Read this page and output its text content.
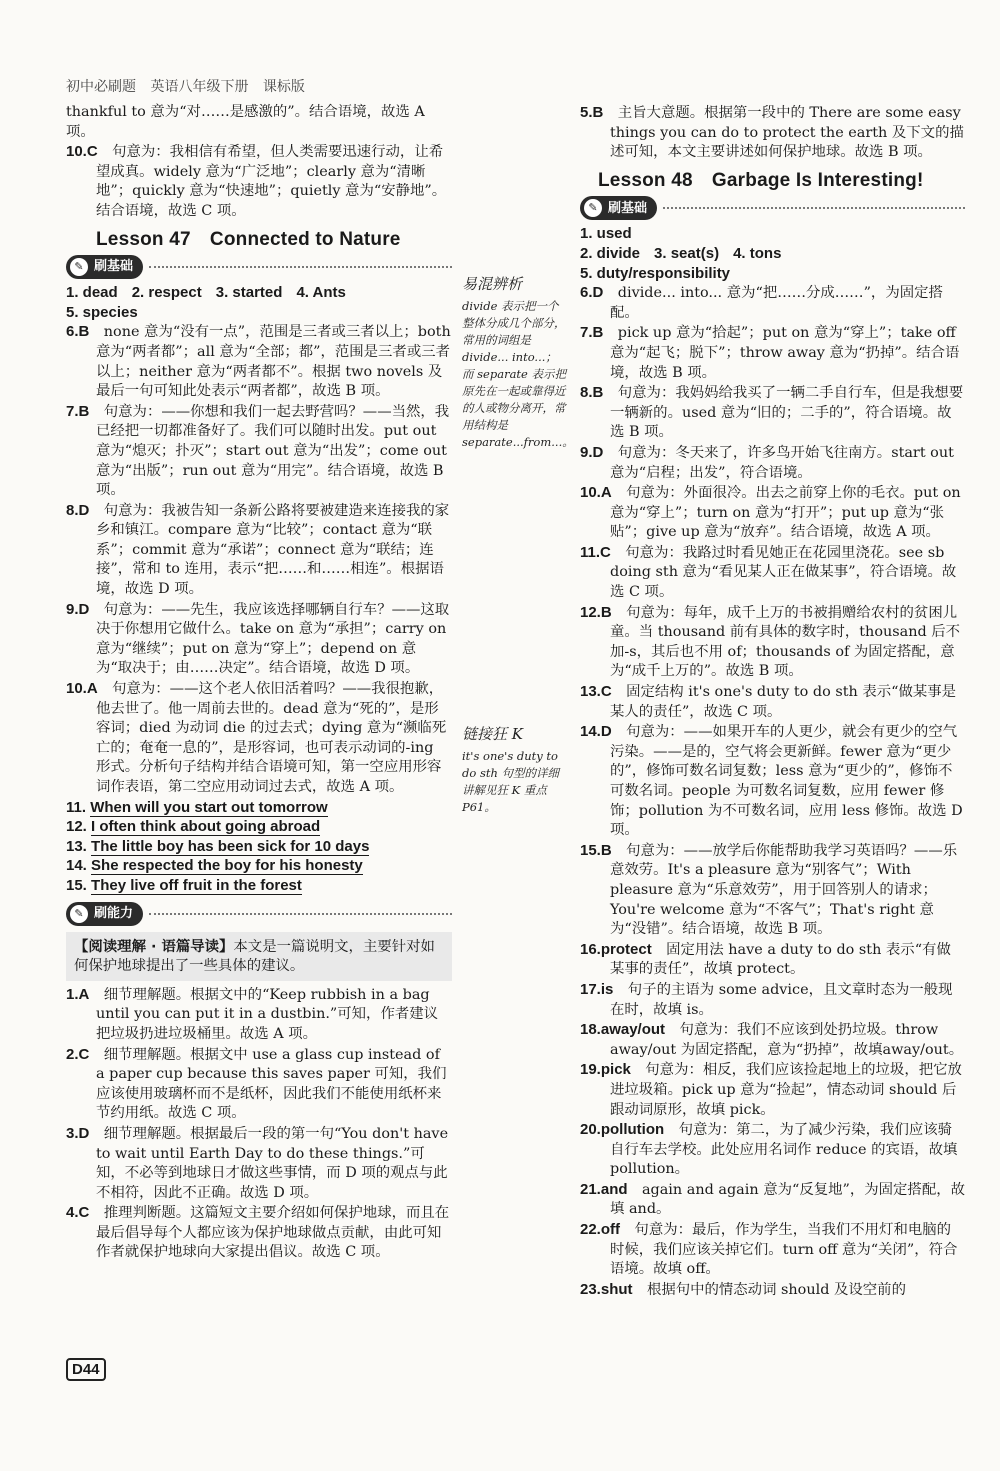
初中必刷题 英语八年级下册 课标版

thankful to 意为“对……是感激的”。结合语境，故选 A 项。

10.C　 句意为：我相信有希望，但人类需要迅速行动，让希望成真。widely 意为“广泛地”；clearly 意为“清晰地”；quickly 意为“快速地”；quietly 意为“安静地”。结合语境，故选 C 项。

Lesson 47　Connected to Nature
✎ 刷基础
1. dead 2. respect 3. started 4. Ants
5. species

6.B　 none 意为“没有一点”，范围是三者或三者以上；both 意为“两者都”；all 意为“全部；都”，范围是三者或三者以上；neither 意为“两者都不”。根据 two novels 及最后一句可知此处表示“两者都”，故选 B 项。

7.B　 句意为：——你想和我们一起去野营吗？——当然，我已经把一切都准备好了。我们可以随时出发。put out 意为“熄灭；扑灭”；start out 意为“出发”；come out 意为“出版”；run out 意为“用完”。结合语境，故选 B 项。

8.D　 句意为：我被告知一条新公路将要被建造来连接我的家乡和镇江。compare 意为“比较”；contact 意为“联系”；commit 意为“承诺”；connect 意为“联结；连接”，常和 to 连用，表示“把……和……相连”。根据语境，故选 D 项。

9.D　 句意为：——先生，我应该选择哪辆自行车？——这取决于你想用它做什么。take on 意为“承担”；carry on 意为“继续”；put on 意为“穿上”；depend on 意为“取决于；由……决定”。结合语境，故选 D 项。

10.A　 句意为：——这个老人依旧活着吗？——我很抱歉，他去世了。他一周前去世的。dead 意为“死的”，是形容词；died 为动词 die 的过去式；dying 意为“濒临死亡的；奄奄一息的”，是形容词，也可表示动词的-ing 形式。分析句子结构并结合语境可知，第一空应用形容词作表语，第二空应用动词过去式，故选 A 项。

11. When will you start out tomorrow

12. I often think about going abroad

13. The little boy has been sick for 10 days

14. She respected the boy for his honesty

15. They live off fruit in the forest

✎ 刷能力
【阅读理解 · 语篇导读】本文是一篇说明文，主要针对如何保护地球提出了一些具体的建议。

1.A　 细节理解题。根据文中的“Keep rubbish in a bag until you can put it in a dustbin.”可知，作者建议把垃圾扔进垃圾桶里。故选 A 项。

2.C　 细节理解题。根据文中 use a glass cup instead of a paper cup because this saves paper 可知，我们应该使用玻璃杯而不是纸杯，因此我们不能使用纸杯来节约用纸。故选 C 项。

3.D　 细节理解题。根据最后一段的第一句“You don't have to wait until Earth Day to do these things.”可知，不必等到地球日才做这些事情，而 D 项的观点与此不相符，因此不正确。故选 D 项。

4.C　 推理判断题。这篇短文主要介绍如何保护地球，而且在最后倡导每个人都应该为保护地球做点贡献，由此可知作者就保护地球向大家提出倡议。故选 C 项。

易混辨析
divide 表示把一个整体分成几个部分，常用的词组是 divide... into...；而 separate 表示把原先在一起或靠得近的人或物分离开，常用结构是 separate...from...。
链接狂 K
it's one's duty to do sth 句型的详细讲解见狂 K 重点 P61。

5.B　 主旨大意题。根据第一段中的 There are some easy things you can do to protect the earth 及下文的描述可知，本文主要讲述如何保护地球。故选 B 项。

Lesson 48　Garbage Is Interesting!
✎ 刷基础
1. used
2. divide 3. seat(s) 4. tons
5. duty/responsibility

6.D　 divide... into... 意为“把……分成……”，为固定搭配。

7.B　 pick up 意为“拾起”；put on 意为“穿上”；take off 意为“起飞；脱下”；throw away 意为“扔掉”。结合语境，故选 B 项。

8.B　 句意为：我妈妈给我买了一辆二手自行车，但是我想要一辆新的。used 意为“旧的；二手的”，符合语境。故选 B 项。

9.D　 句意为：冬天来了，许多鸟开始飞往南方。start out 意为“启程；出发”，符合语境。

10.A　 句意为：外面很冷。出去之前穿上你的毛衣。put on 意为“穿上”；turn on 意为“打开”；put up 意为“张贴”；give up 意为“放弃”。结合语境，故选 A 项。

11.C　 句意为：我路过时看见她正在花园里浇花。see sb doing sth 意为“看见某人正在做某事”，符合语境。故选 C 项。

12.B　 句意为：每年，成千上万的书被捐赠给农村的贫困儿童。当 thousand 前有具体的数字时，thousand 后不加-s，其后也不用 of；thousands of 为固定搭配，意为“成千上万的”。故选 B 项。

13.C　 固定结构 it's one's duty to do sth 表示“做某事是某人的责任”，故选 C 项。

14.D　 句意为：——如果开车的人更少，就会有更少的空气污染。——是的，空气将会更新鲜。fewer 意为“更少的”，修饰可数名词复数；less 意为“更少的”，修饰不可数名词。people 为可数名词复数，应用 fewer 修饰；pollution 为不可数名词，应用 less 修饰。故选 D 项。

15.B　 句意为：——放学后你能帮助我学习英语吗？——乐意效劳。It's a pleasure 意为“别客气”；With pleasure 意为“乐意效劳”，用于回答别人的请求；You're welcome 意为“不客气”；That's right 意为“没错”。结合语境，故选 B 项。

16.protect　 固定用法 have a duty to do sth 表示“有做某事的责任”，故填 protect。

17.is　 句子的主语为 some advice，且文章时态为一般现在时，故填 is。

18.away/out　 句意为：我们不应该到处扔垃圾。throw away/out 为固定搭配，意为“扔掉”，故填away/out。

19.pick　 句意为：相反，我们应该捡起地上的垃圾，把它放进垃圾箱。pick up 意为“捡起”，情态动词 should 后跟动词原形，故填 pick。

20.pollution　 句意为：第二，为了减少污染，我们应该骑自行车去学校。此处应用名词作 reduce 的宾语，故填 pollution。

21.and　 again and again 意为“反复地”，为固定搭配，故填 and。

22.off　 句意为：最后，作为学生，当我们不用灯和电脑的时候，我们应该关掉它们。turn off 意为“关闭”，符合语境。故填 off。

23.shut　 根据句中的情态动词 should 及设空前的

D44
